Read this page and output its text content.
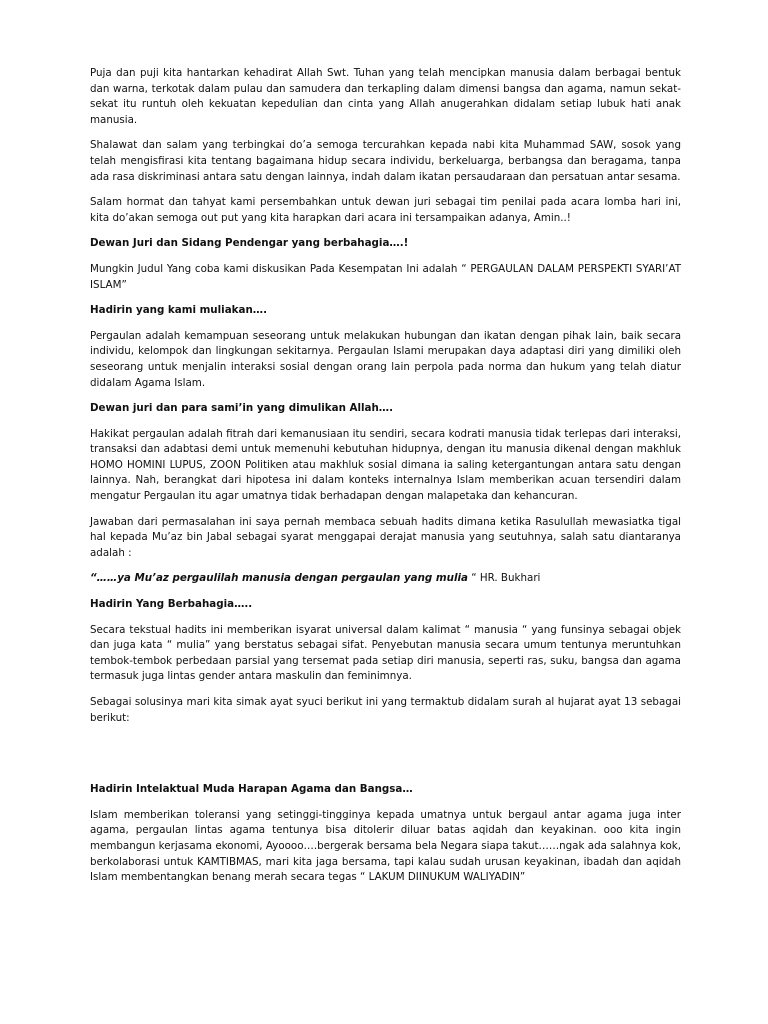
Puja dan puji kita hantarkan kehadirat Allah Swt. Tuhan yang telah mencipkan manusia dalam berbagai bentuk dan warna, terkotak dalam pulau dan samudera dan terkapling dalam dimensi bangsa dan agama, namun sekat-sekat itu runtuh oleh kekuatan kepedulian dan cinta yang Allah anugerahkan didalam setiap lubuk hati anak manusia.

Shalawat dan salam yang terbingkai do’a semoga tercurahkan kepada nabi kita Muhammad SAW, sosok yang telah mengisfirasi kita tentang bagaimana hidup secara individu, berkeluarga, berbangsa dan beragama, tanpa ada rasa diskriminasi antara satu dengan lainnya, indah dalam ikatan persaudaraan dan persatuan antar sesama.

Salam hormat dan tahyat kami persembahkan untuk dewan juri sebagai tim penilai pada acara lomba hari ini, kita do’akan semoga out put yang kita harapkan dari acara ini tersampaikan adanya, Amin..!

Dewan Juri dan Sidang Pendengar yang berbahagia….!

Mungkin Judul Yang coba kami diskusikan Pada Kesempatan Ini adalah “ PERGAULAN DALAM PERSPEKTI SYARI’AT ISLAM”

Hadirin yang kami muliakan….

Pergaulan adalah kemampuan seseorang untuk melakukan hubungan dan ikatan dengan pihak lain, baik secara individu, kelompok dan lingkungan sekitarnya. Pergaulan Islami merupakan daya adaptasi diri yang dimiliki oleh seseorang untuk menjalin interaksi sosial dengan orang lain perpola pada norma dan hukum yang telah diatur didalam Agama Islam.

Dewan juri dan para sami’in yang dimulikan Allah….

Hakikat pergaulan adalah fitrah dari kemanusiaan itu sendiri, secara kodrati manusia tidak terlepas dari interaksi, transaksi dan adabtasi demi untuk memenuhi kebutuhan hidupnya, dengan itu manusia dikenal dengan makhluk HOMO HOMINI LUPUS, ZOON Politiken atau makhluk sosial dimana ia saling ketergantungan antara satu dengan lainnya. Nah, berangkat dari hipotesa ini dalam konteks internalnya Islam memberikan acuan tersendiri dalam mengatur Pergaulan itu agar umatnya tidak berhadapan dengan malapetaka dan kehancuran.

Jawaban dari permasalahan ini saya pernah membaca sebuah hadits dimana ketika Rasulullah mewasiatka tigal hal kepada Mu’az bin Jabal sebagai syarat menggapai derajat manusia yang seutuhnya, salah satu diantaranya adalah :

“……ya Mu’az pergaulilah manusia dengan pergaulan yang mulia “ HR. Bukhari

Hadirin Yang Berbahagia…..

Secara tekstual hadits ini memberikan isyarat universal dalam kalimat “ manusia “ yang funsinya sebagai objek dan juga kata “ mulia” yang berstatus sebagai sifat. Penyebutan manusia secara umum tentunya meruntuhkan tembok-tembok perbedaan parsial yang tersemat pada setiap diri manusia, seperti ras, suku, bangsa dan agama termasuk juga lintas gender antara maskulin dan feminimnya.

Sebagai solusinya mari kita simak ayat syuci berikut ini yang termaktub didalam surah al hujarat ayat 13 sebagai berikut:

Hadirin Intelaktual Muda Harapan Agama dan Bangsa…

Islam memberikan toleransi yang setinggi-tingginya kepada umatnya untuk bergaul antar agama juga inter agama, pergaulan lintas agama tentunya bisa ditolerir diluar batas aqidah dan keyakinan. ooo kita ingin membangun kerjasama ekonomi, Ayoooo….bergerak bersama bela Negara siapa takut……ngak ada salahnya kok, berkolaborasi untuk KAMTIBMAS, mari kita jaga bersama, tapi kalau sudah urusan keyakinan, ibadah dan aqidah Islam membentangkan benang merah secara tegas “ LAKUM DIINUKUM WALIYADIN”
